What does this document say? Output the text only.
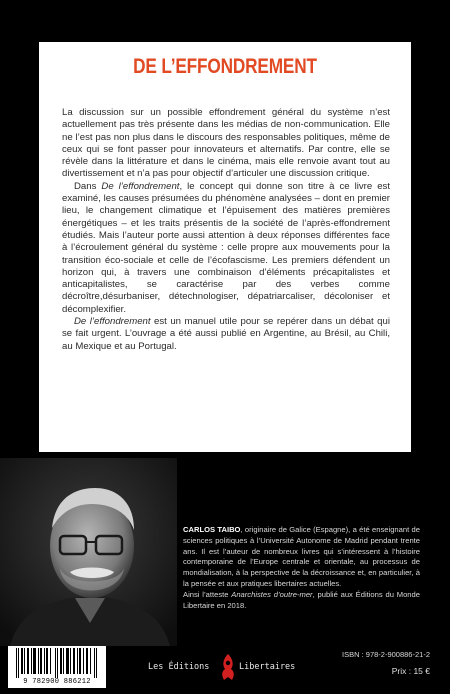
DE L’EFFONDREMENT

La discussion sur un possible effondrement général du système n’est actuellement pas très présente dans les médias de non-communication. Elle ne l’est pas non plus dans le discours des responsables politiques, même de ceux qui se font passer pour innovateurs et alternatifs. Par contre, elle se révèle dans la littérature et dans le cinéma, mais elle renvoie avant tout au divertissement et n’a pas pour objectif d’articuler une discussion critique.

Dans De l’effondrement, le concept qui donne son titre à ce livre est examiné, les causes présumées du phénomène analysées – dont en premier lieu, le changement climatique et l’épuisement des matières premières énergétiques – et les traits présentis de la société de l’après-effondrement étudiés. Mais l’auteur porte aussi attention à deux réponses différentes face à l’écroulement général du système : celle propre aux mouvements pour la transition éco-sociale et celle de l’écofascisme. Les premiers défendent un horizon qui, à travers une combinaison d’éléments précapitalistes et anticapitalistes, se caractérise par des verbes comme décroître,désurbaniser, détechnologiser, dépatriarcaliser, décoloniser et décomplexifier.

De l’effondrement est un manuel utile pour se repérer dans un débat qui se fait urgent. L’ouvrage a été aussi publié en Argentine, au Brésil, au Chili, au Mexique et au Portugal.

CARLOS TAIBO, originaire de Galice (Espagne), a été enseignant de sciences politiques à l’Université Autonome de Madrid pendant trente ans. Il est l’auteur de nombreux livres qui s’intéressent à l’histoire contemporaine de l’Europe centrale et orientale, au processus de mondialisation, à la perspective de la décroissance et, en particulier, à la pensée et aux pratiques libertaires actuelles.

Ainsi l’atteste Anarchistes d’outre-mer, publié aux Éditions du Monde Libertaire en 2018.

9 782900 886212
Les Éditions	Libertaires
ISBN : 978-2-900886-21-2
Prix : 15 €
